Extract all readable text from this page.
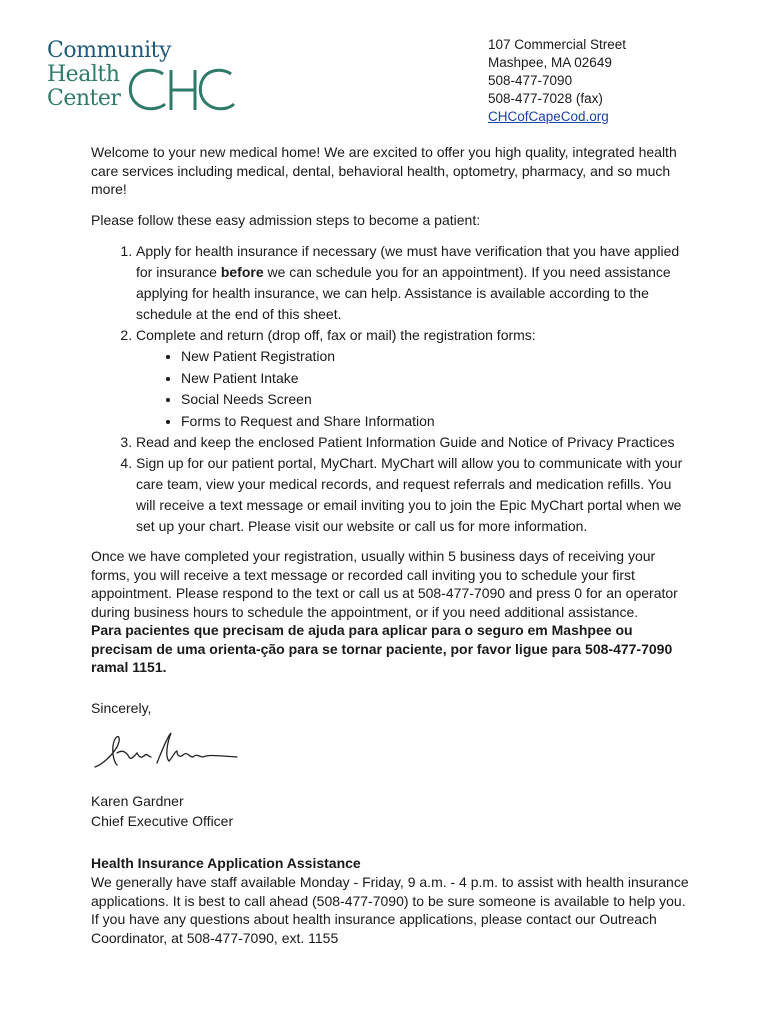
Community
Health
Center
107 Commercial Street
Mashpee, MA 02649
508-477-7090
508-477-7028 (fax)
CHCofCapeCod.org

Welcome to your new medical home! We are excited to offer you high quality, integrated health care services including medical, dental, behavioral health, optometry, pharmacy, and so much more!

Please follow these easy admission steps to become a patient:

1. Apply for health insurance if necessary (we must have verification that you have applied for insurance before we can schedule you for an appointment). If you need assistance applying for health insurance, we can help. Assistance is available according to the schedule at the end of this sheet.
2. Complete and return (drop off, fax or mail) the registration forms:
• New Patient Registration
• New Patient Intake
• Social Needs Screen
• Forms to Request and Share Information
3. Read and keep the enclosed Patient Information Guide and Notice of Privacy Practices
4. Sign up for our patient portal, MyChart. MyChart will allow you to communicate with your care team, view your medical records, and request referrals and medication refills. You will receive a text message or email inviting you to join the Epic MyChart portal when we set up your chart. Please visit our website or call us for more information.

Once we have completed your registration, usually within 5 business days of receiving your forms, you will receive a text message or recorded call inviting you to schedule your first appointment. Please respond to the text or call us at 508-477-7090 and press 0 for an operator during business hours to schedule the appointment, or if you need additional assistance.

Para pacientes que precisam de ajuda para aplicar para o seguro em Mashpee ou precisam de uma orienta-ção para se tornar paciente, por favor ligue para 508-477-7090 ramal 1151.

Sincerely,

Karen Gardner
Chief Executive Officer
Health Insurance Application Assistance

We generally have staff available Monday - Friday, 9 a.m. - 4 p.m. to assist with health insurance applications. It is best to call ahead (508-477-7090) to be sure someone is available to help you. If you have any questions about health insurance applications, please contact our Outreach Coordinator, at 508-477-7090, ext. 1155
